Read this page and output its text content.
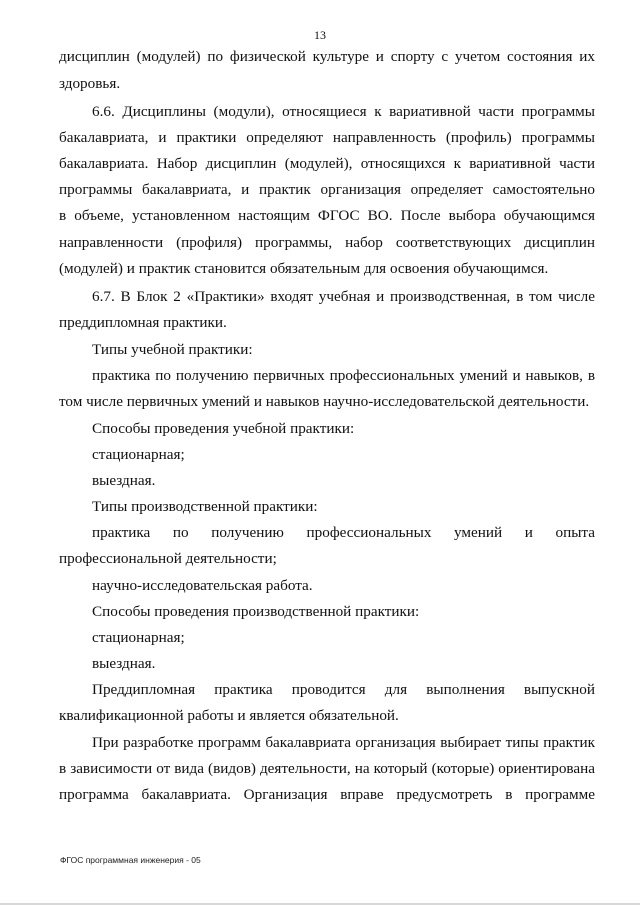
13
дисциплин (модулей) по физической культуре и спорту с учетом состояния их
здоровья.
6.6. Дисциплины (модули), относящиеся к вариативной части программы
бакалавриата, и практики определяют направленность (профиль) программы
бакалавриата. Набор дисциплин (модулей), относящихся к вариативной части
программы бакалавриата, и практик организация определяет самостоятельно
в объеме, установленном настоящим ФГОС ВО. После выбора обучающимся
направленности (профиля) программы, набор соответствующих дисциплин
(модулей) и практик становится обязательным для освоения обучающимся.
6.7. В Блок 2 «Практики» входят учебная и производственная, в том числе
преддипломная практики.
Типы учебной практики:
практика по получению первичных профессиональных умений и навыков, в
том числе первичных умений и навыков научно-исследовательской деятельности.
Способы проведения учебной практики:
стационарная;
выездная.
Типы производственной практики:
практика по получению профессиональных умений и опыта
профессиональной деятельности;
научно-исследовательская работа.
Способы проведения производственной практики:
стационарная;
выездная.
Преддипломная практика проводится для выполнения выпускной
квалификационной работы и является обязательной.
При разработке программ бакалавриата организация выбирает типы практик
в зависимости от вида (видов) деятельности, на который (которые) ориентирована
программа бакалавриата. Организация вправе предусмотреть в программе
ФГОС программная инженерия - 05
